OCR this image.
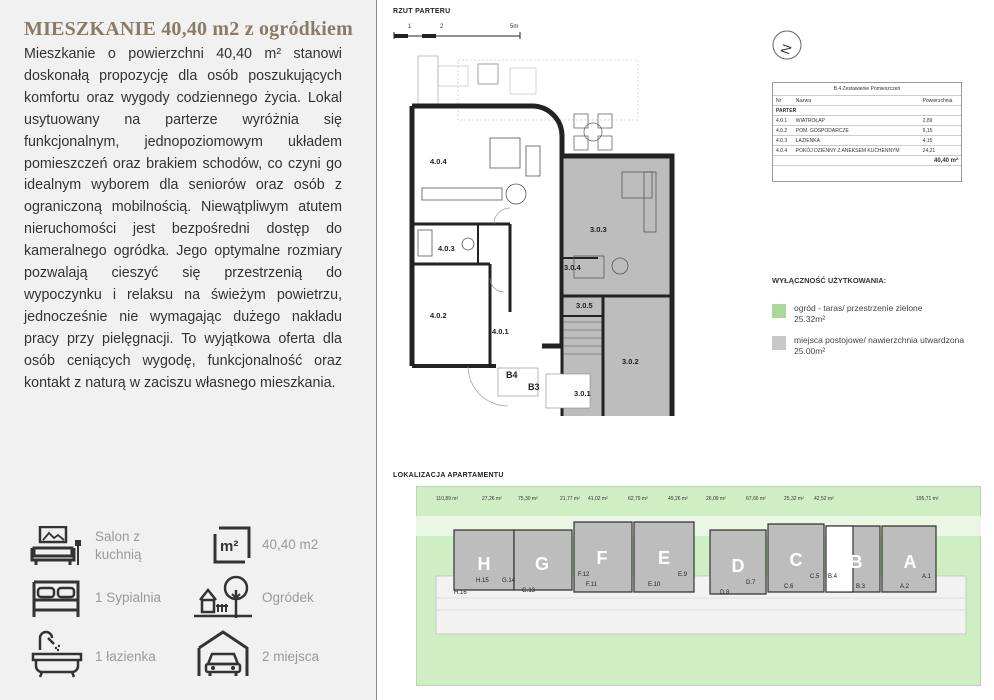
MIESZKANIE 40,40 m2 z ogródkiem
Mieszkanie o powierzchni 40,40 m² stanowi doskonałą propozycję dla osób poszukujących komfortu oraz wygody codziennego życia. Lokal usytuowany na parterze wyróżnia się funkcjonalnym, jednopoziomowym układem pomieszczeń oraz brakiem schodów, co czyni go idealnym wyborem dla seniorów oraz osób z ograniczoną mobilnością. Niewątpliwym atutem nieruchomości jest bezpośredni dostęp do kameralnego ogródka. Jego optymalne rozmiary pozwalają cieszyć się przestrzenią do wypoczynku i relaksu na świeżym powietrzu, jednocześnie nie wymagając dużego nakładu pracy przy pielęgnacji. To wyjątkowa oferta dla osób ceniących wygodę, funkcjonalność oraz kontakt z naturą w zaciszu własnego mieszkania.
Salon z
kuchnią	m² 40,40 m2
1 Sypialnia	Ogródek
1 łazienka	2 miejsca
RZUT PARTERU
1	2	5m
N
4.0.4
4.0.3
4.0.2
4.0.1
3.0.3
3.0.4
3.0.5
3.0.2
3.0.1
B4
B3
B.4 Zestawienie Pomieszczeń		
Nr	Nazwa	Powierzchnia
PARTER		
4.0.1	WIATROŁAP	2,89
4.0.2	POM. GOSPODARCZE	9,15
4.0.3	ŁAZIENKA	4,15
4.0.4	POKÓJ DZIENNY Z ANEKSEM KUCHENNYM	24,21
40,40 m²		
WYŁĄCZNOŚĆ UŻYTKOWANIA:
ogród - taras/ przestrzenie zielone
25.32m²
miejsca postojowe/ nawierzchnia utwardzona
25.00m²
LOKALIZACJA APARTAMENTU
H G	F	E	D	C	B A
110,89 m²	27,26 m²	75,30 m²	21,77 m² 41,02 m²	62,79 m²	49,26 m²	26,09 m²	67,66 m²	25,32 m² 42,52 m²	195,71 m²
H.15 G.14
F.12
E.10
E.9
D.7
C.5 B.4	A.1
H.16	G.13
F.11
D.8
C.6	B.3	A.2
